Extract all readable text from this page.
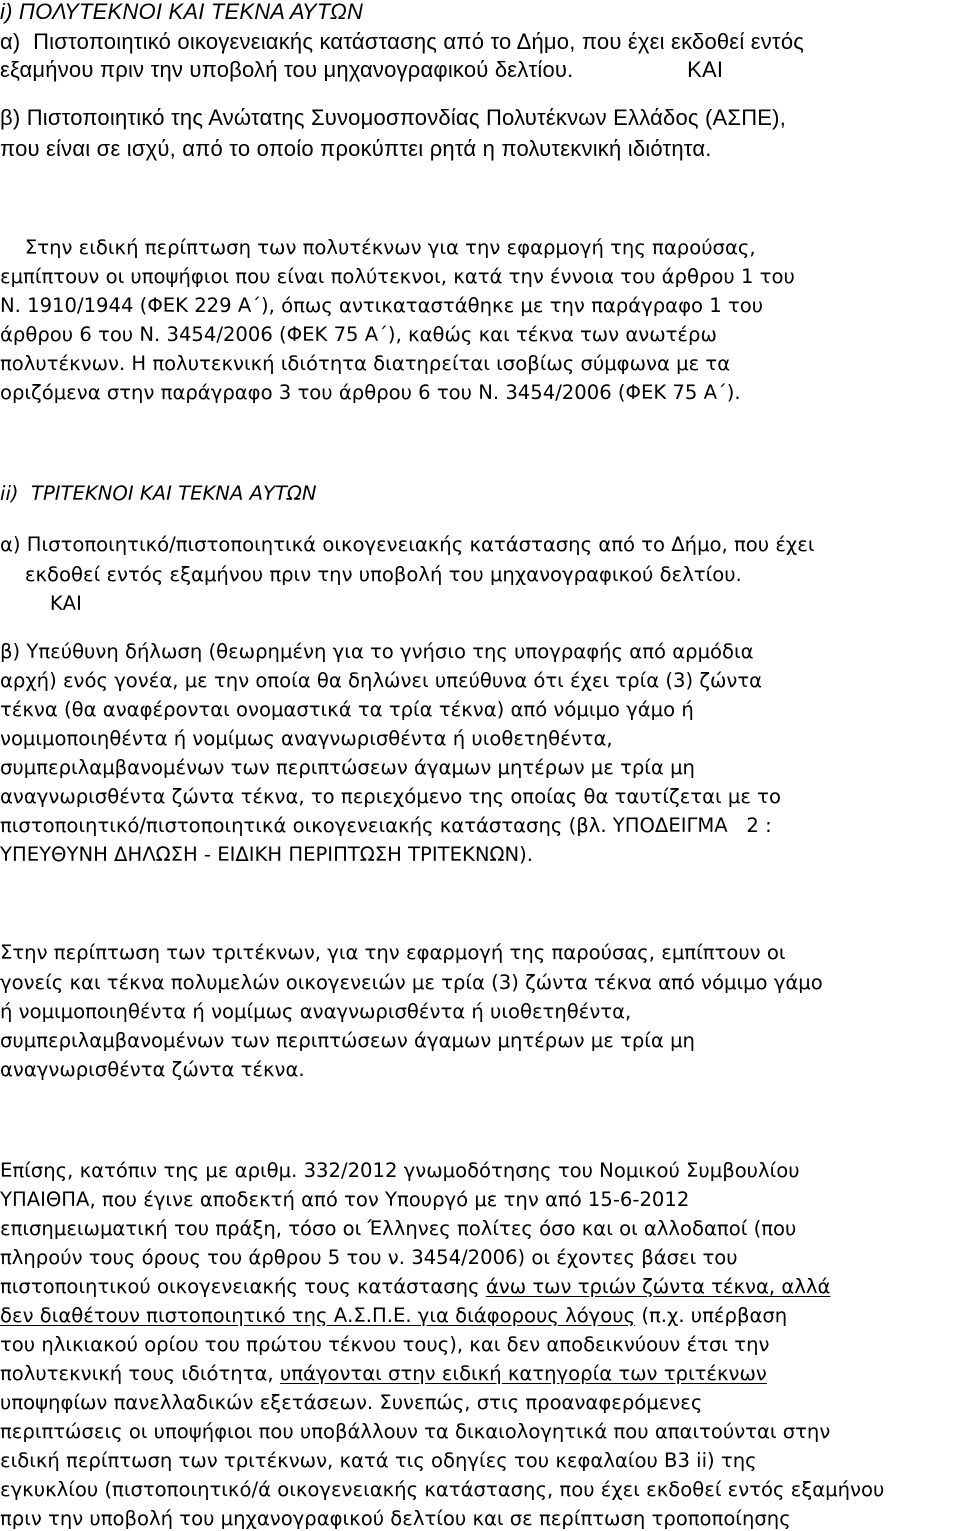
i) ΠΟΛΥΤΕΚΝΟΙ ΚΑΙ ΤΕΚΝΑ ΑΥΤΩΝ

α)  Πιστοποιητικό οικογενειακής κατάστασης από το Δήμο, που έχει εκδοθεί εντός

εξαμήνου πριν την υποβολή του μηχανογραφικού δελτίου.                  ΚΑΙ

β) Πιστοποιητικό της Ανώτατης Συνομοσπονδίας Πολυτέκνων Ελλάδος (ΑΣΠΕ),

που είναι σε ισχύ, από το οποίο προκύπτει ρητά η πολυτεκνική ιδιότητα.

Στην ειδική περίπτωση των πολυτέκνων για την εφαρμογή της παρούσας,

εμπίπτουν οι υποψήφιοι που είναι πολύτεκνοι, κατά την έννοια του άρθρου 1 του

Ν. 1910/1944 (ΦΕΚ 229 Α΄), όπως αντικαταστάθηκε με την παράγραφο 1 του

άρθρου 6 του Ν. 3454/2006 (ΦΕΚ 75 Α΄), καθώς και τέκνα των ανωτέρω

πολυτέκνων. Η πολυτεκνική ιδιότητα διατηρείται ισοβίως σύμφωνα με τα

οριζόμενα στην παράγραφο 3 του άρθρου 6 του Ν. 3454/2006 (ΦΕΚ 75 Α΄).

ii)  ΤΡΙΤΕΚΝΟΙ ΚΑΙ ΤΕΚΝΑ ΑΥΤΩΝ

α) Πιστοποιητικό/πιστοποιητικά οικογενειακής κατάστασης από το Δήμο, που έχει

εκδοθεί εντός εξαμήνου πριν την υποβολή του μηχανογραφικού δελτίου.

ΚΑΙ

β) Υπεύθυνη δήλωση (θεωρημένη για το γνήσιο της υπογραφής από αρμόδια

αρχή) ενός γονέα, με την οποία θα δηλώνει υπεύθυνα ότι έχει τρία (3) ζώντα

τέκνα (θα αναφέρονται ονομαστικά τα τρία τέκνα) από νόμιμο γάμο ή

νομιμοποιηθέντα ή νομίμως αναγνωρισθέντα ή υιοθετηθέντα,

συμπεριλαμβανομένων των περιπτώσεων άγαμων μητέρων με τρία μη

αναγνωρισθέντα ζώντα τέκνα, το περιεχόμενο της οποίας θα ταυτίζεται με το

πιστοποιητικό/πιστοποιητικά οικογενειακής κατάστασης (βλ. ΥΠΟΔΕΙΓΜΑ   2 :

ΥΠΕΥΘΥΝΗ ΔΗΛΩΣΗ - ΕΙΔΙΚΗ ΠΕΡΙΠΤΩΣΗ ΤΡΙΤΕΚΝΩΝ).

Στην περίπτωση των τριτέκνων, για την εφαρμογή της παρούσας, εμπίπτουν οι

γονείς και τέκνα πολυμελών οικογενειών με τρία (3) ζώντα τέκνα από νόμιμο γάμο

ή νομιμοποιηθέντα ή νομίμως αναγνωρισθέντα ή υιοθετηθέντα,

συμπεριλαμβανομένων των περιπτώσεων άγαμων μητέρων με τρία μη

αναγνωρισθέντα ζώντα τέκνα.

Επίσης, κατόπιν της με αριθμ. 332/2012 γνωμοδότησης του Νομικού Συμβουλίου

ΥΠΑΙΘΠΑ, που έγινε αποδεκτή από τον Υπουργό με την από 15-6-2012

επισημειωματική του πράξη, τόσο οι Έλληνες πολίτες όσο και οι αλλοδαποί (που

πληρούν τους όρους του άρθρου 5 του ν. 3454/2006) οι έχοντες βάσει του

πιστοποιητικού οικογενειακής τους κατάστασης άνω των τριών ζώντα τέκνα, αλλά

δεν διαθέτουν πιστοποιητικό της Α.Σ.Π.Ε. για διάφορους λόγους (π.χ. υπέρβαση

του ηλικιακού ορίου του πρώτου τέκνου τους), και δεν αποδεικνύουν έτσι την

πολυτεκνική τους ιδιότητα, υπάγονται στην ειδική κατηγορία των τριτέκνων

υποψηφίων πανελλαδικών εξετάσεων. Συνεπώς, στις προαναφερόμενες

περιπτώσεις οι υποψήφιοι που υποβάλλουν τα δικαιολογητικά που απαιτούνται στην

ειδική περίπτωση των τριτέκνων, κατά τις οδηγίες του κεφαλαίου Β3 ii) της

εγκυκλίου (πιστοποιητικό/ά οικογενειακής κατάστασης, που έχει εκδοθεί εντός εξαμήνου

πριν την υποβολή του μηχανογραφικού δελτίου και σε περίπτωση τροποποίησης
